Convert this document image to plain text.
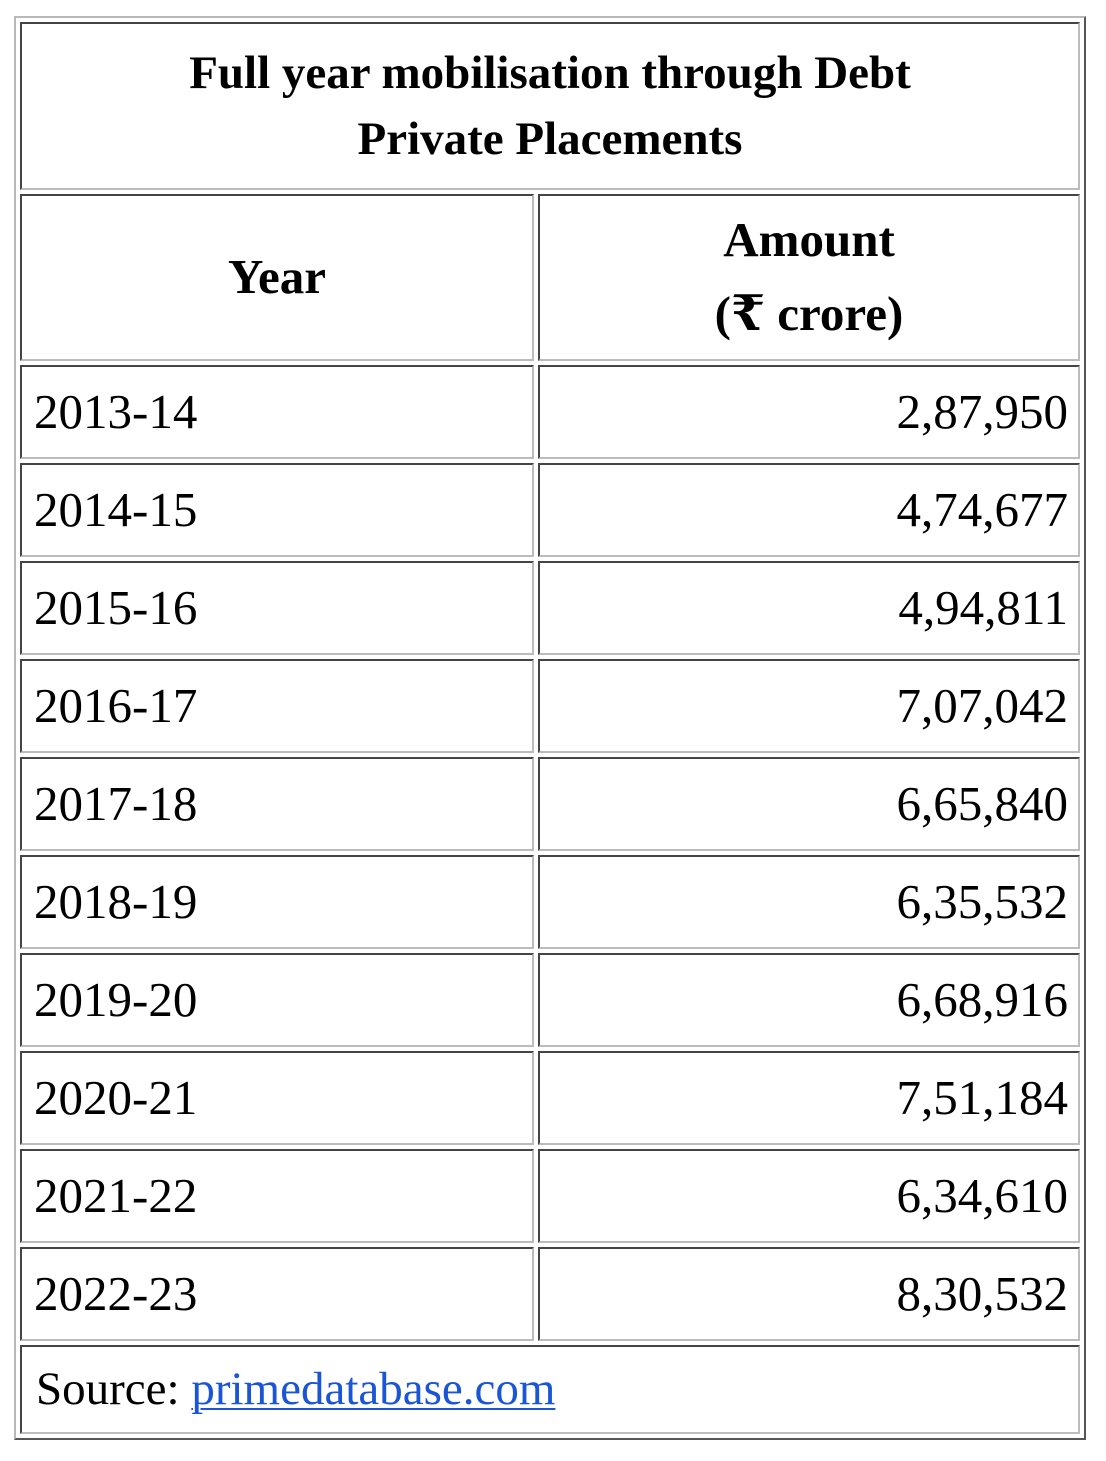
Full year mobilisation through Debt
Private Placements	

Year	Amount
(₹ crore)

2013-14	2,87,950
2014-15	4,74,677
2015-16	4,94,811
2016-17	7,07,042
2017-18	6,65,840
2018-19	6,35,532
2019-20	6,68,916
2020-21	7,51,184
2021-22	6,34,610
2022-23	8,30,532
Source: primedatabase.com	
